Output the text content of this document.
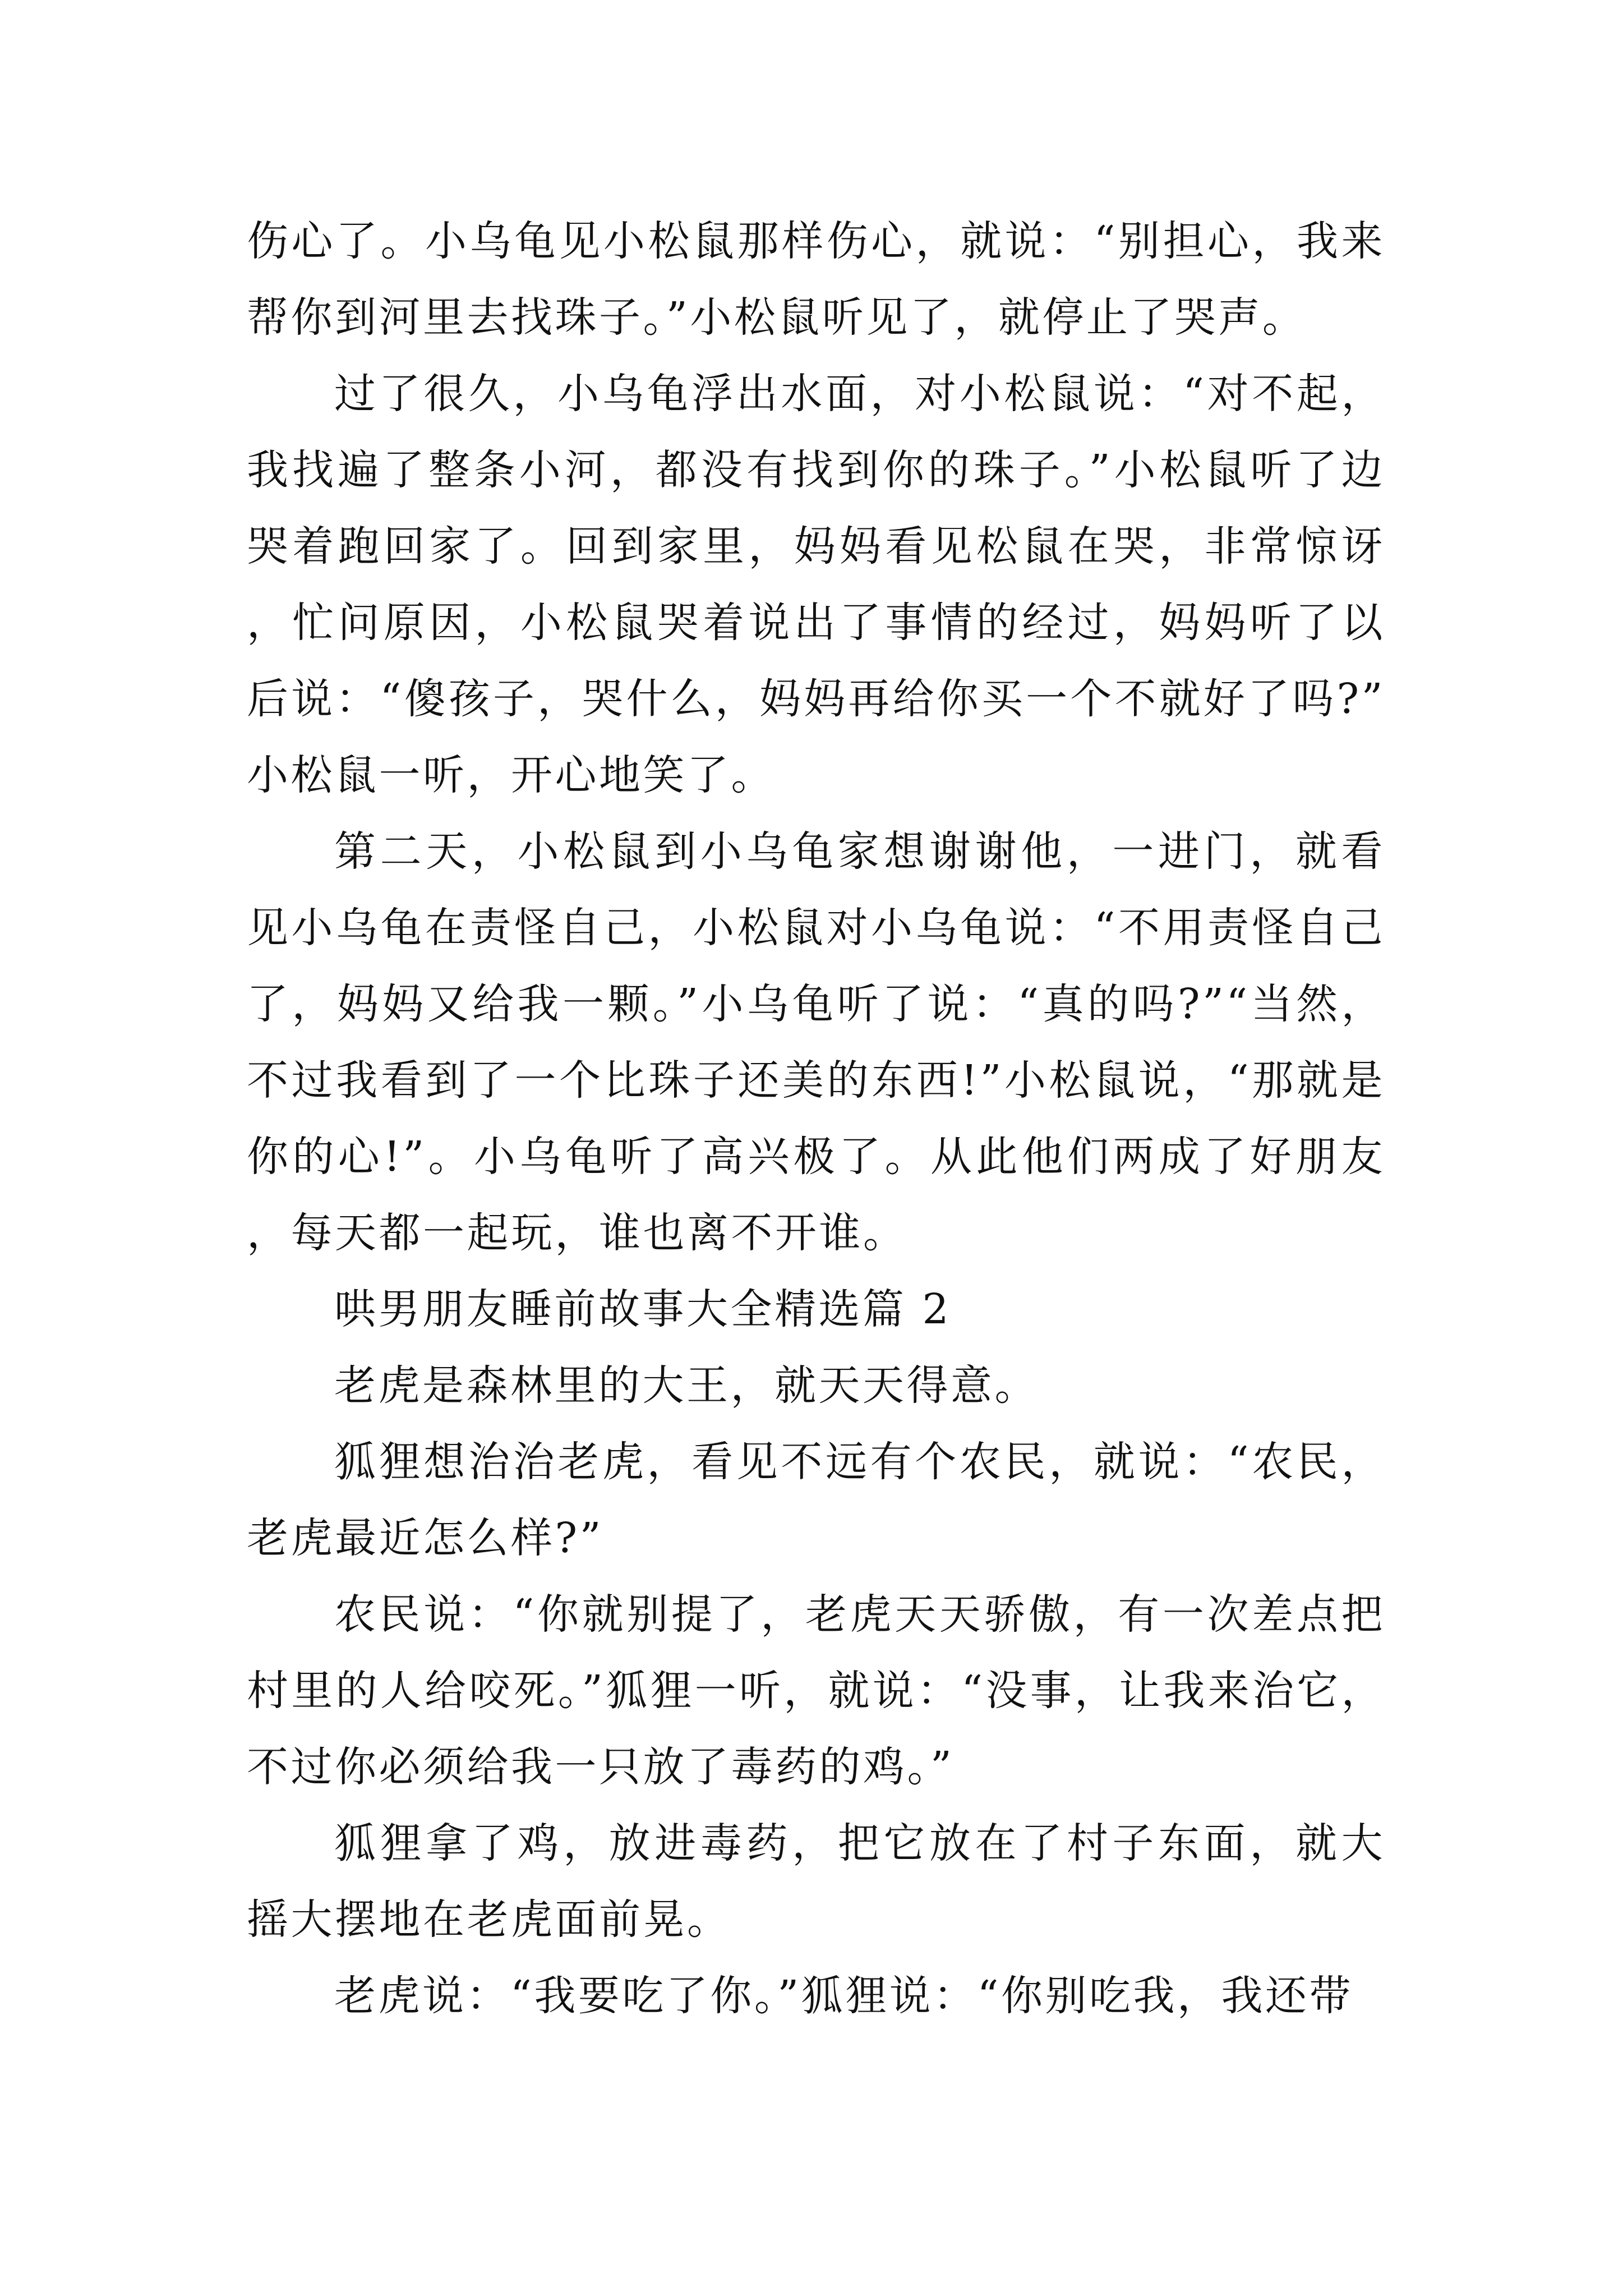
伤心了。小乌龟见小松鼠那样伤心，就说：“别担心，我来帮你到河里去找珠子。”小松鼠听见了，就停止了哭声。

过了很久，小乌龟浮出水面，对小松鼠说：“对不起，我找遍了整条小河，都没有找到你的珠子。”小松鼠听了边哭着跑回家了。回到家里，妈妈看见松鼠在哭，非常惊讶，忙问原因，小松鼠哭着说出了事情的经过，妈妈听了以后说：“傻孩子，哭什么，妈妈再给你买一个不就好了吗?”小松鼠一听，开心地笑了。

第二天，小松鼠到小乌龟家想谢谢他，一进门，就看见小乌龟在责怪自己，小松鼠对小乌龟说：“不用责怪自己了，妈妈又给我一颗。”小乌龟听了说：“真的吗?”“当然，不过我看到了一个比珠子还美的东西!”小松鼠说，“那就是你的心!”。小乌龟听了高兴极了。从此他们两成了好朋友，每天都一起玩，谁也离不开谁。

哄男朋友睡前故事大全精选篇 2

老虎是森林里的大王，就天天得意。

狐狸想治治老虎，看见不远有个农民，就说：“农民，老虎最近怎么样?”

农民说：“你就别提了，老虎天天骄傲，有一次差点把村里的人给咬死。”狐狸一听，就说：“没事，让我来治它，不过你必须给我一只放了毒药的鸡。”

狐狸拿了鸡，放进毒药，把它放在了村子东面，就大摇大摆地在老虎面前晃。

老虎说：“我要吃了你。”狐狸说：“你别吃我，我还带
